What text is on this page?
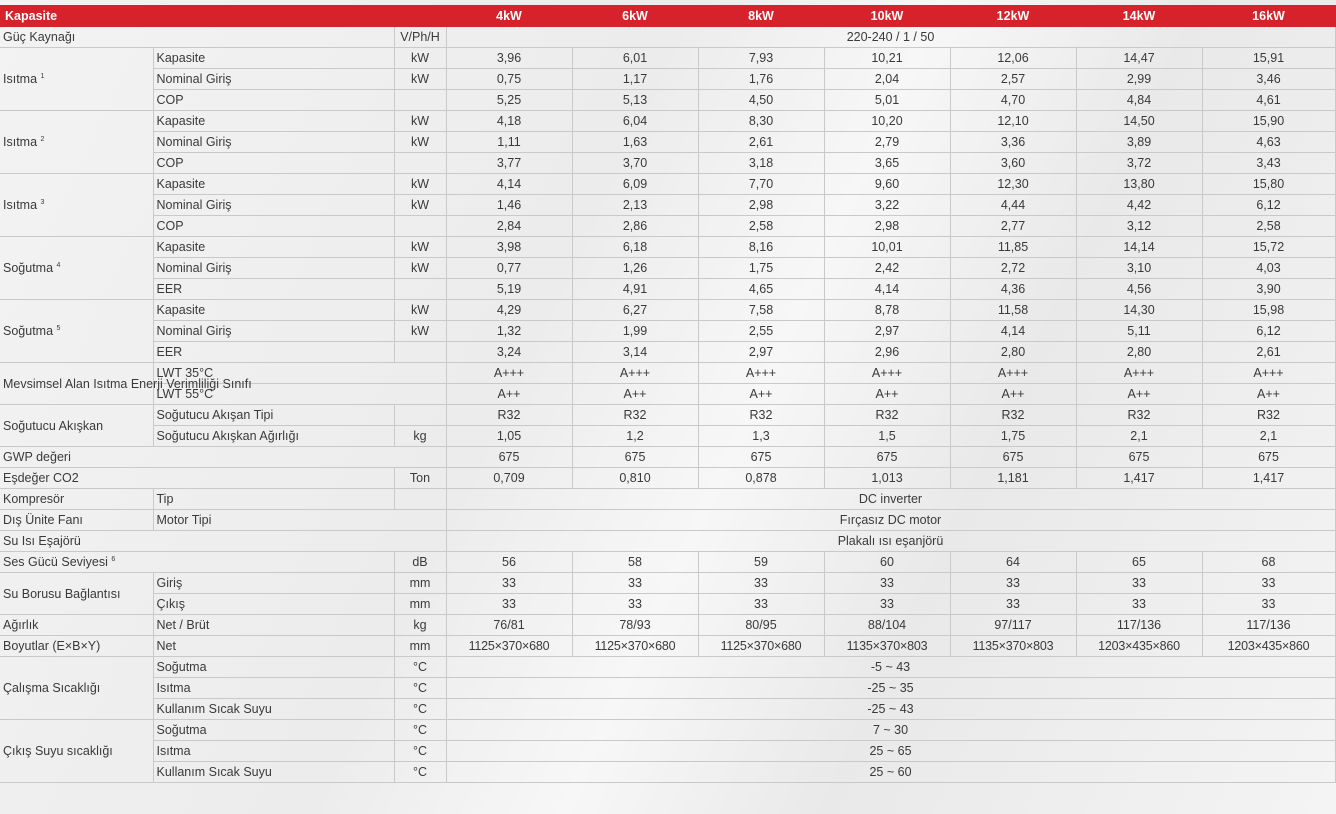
Kapasite			4kW	6kW	8kW	10kW	12kW	14kW	16kW
Güç Kaynağı		V/Ph/H	220-240 / 1 / 50						
Isıtma $^1$	Kapasite	kW	3,96	6,01	7,93	10,21	12,06	14,47	15,91
	Nominal Giriş	kW	0,75	1,17	1,76	2,04	2,57	2,99	3,46
	COP		5,25	5,13	4,50	5,01	4,70	4,84	4,61
Isıtma $^2$	Kapasite	kW	4,18	6,04	8,30	10,20	12,10	14,50	15,90
	Nominal Giriş	kW	1,11	1,63	2,61	2,79	3,36	3,89	4,63
	COP		3,77	3,70	3,18	3,65	3,60	3,72	3,43
Isıtma $^3$	Kapasite	kW	4,14	6,09	7,70	9,60	12,30	13,80	15,80
	Nominal Giriş	kW	1,46	2,13	2,98	3,22	4,44	4,42	6,12
	COP		2,84	2,86	2,58	2,98	2,77	3,12	2,58
Soğutma $^4$	Kapasite	kW	3,98	6,18	8,16	10,01	11,85	14,14	15,72
	Nominal Giriş	kW	0,77	1,26	1,75	2,42	2,72	3,10	4,03
	EER		5,19	4,91	4,65	4,14	4,36	4,56	3,90
Soğutma $^5$	Kapasite	kW	4,29	6,27	7,58	8,78	11,58	14,30	15,98
	Nominal Giriş	kW	1,32	1,99	2,55	2,97	4,14	5,11	6,12
	EER		3,24	3,14	2,97	2,96	2,80	2,80	2,61
Mevsimsel Alan Isıtma Enerji Verimliliği Sınıfı	LWT 35°C		A+++	A+++	A+++	A+++	A+++	A+++	A+++
	LWT 55°C		A++	A++	A++	A++	A++	A++	A++
Soğutucu Akışkan	Soğutucu Akışan Tipi		R32	R32	R32	R32	R32	R32	R32
	Soğutucu Akışkan Ağırlığı	kg	1,05	1,2	1,3	1,5	1,75	2,1	2,1
GWP değeri			675	675	675	675	675	675	675
Eşdeğer CO2		Ton	0,709	0,810	0,878	1,013	1,181	1,417	1,417
Kompresör	Tip		DC inverter						
Dış Ünite Fanı	Motor Tipi		Fırçasız DC motor						
Su Isı Eşajörü			Plakalı ısı eşanjörü						
Ses Gücü Seviyesi $^6$		dB	56	58	59	60	64	65	68
Su Borusu Bağlantısı	Giriş	mm	33	33	33	33	33	33	33
	Çıkış	mm	33	33	33	33	33	33	33
Ağırlık	Net / Brüt	kg	76/81	78/93	80/95	88/104	97/117	117/136	117/136
Boyutlar (E×B×Y)	Net	mm	1125×370×680	1125×370×680	1125×370×680	1135×370×803	1135×370×803	1203×435×860	1203×435×860
Çalışma Sıcaklığı	Soğutma	°C	-5 ~ 43						
	Isıtma	°C	-25 ~ 35						
	Kullanım Sıcak Suyu	°C	-25 ~ 43						
Çıkış Suyu sıcaklığı	Soğutma	°C	7 ~ 30						
	Isıtma	°C	25 ~ 65						
	Kullanım Sıcak Suyu	°C	25 ~ 60						
